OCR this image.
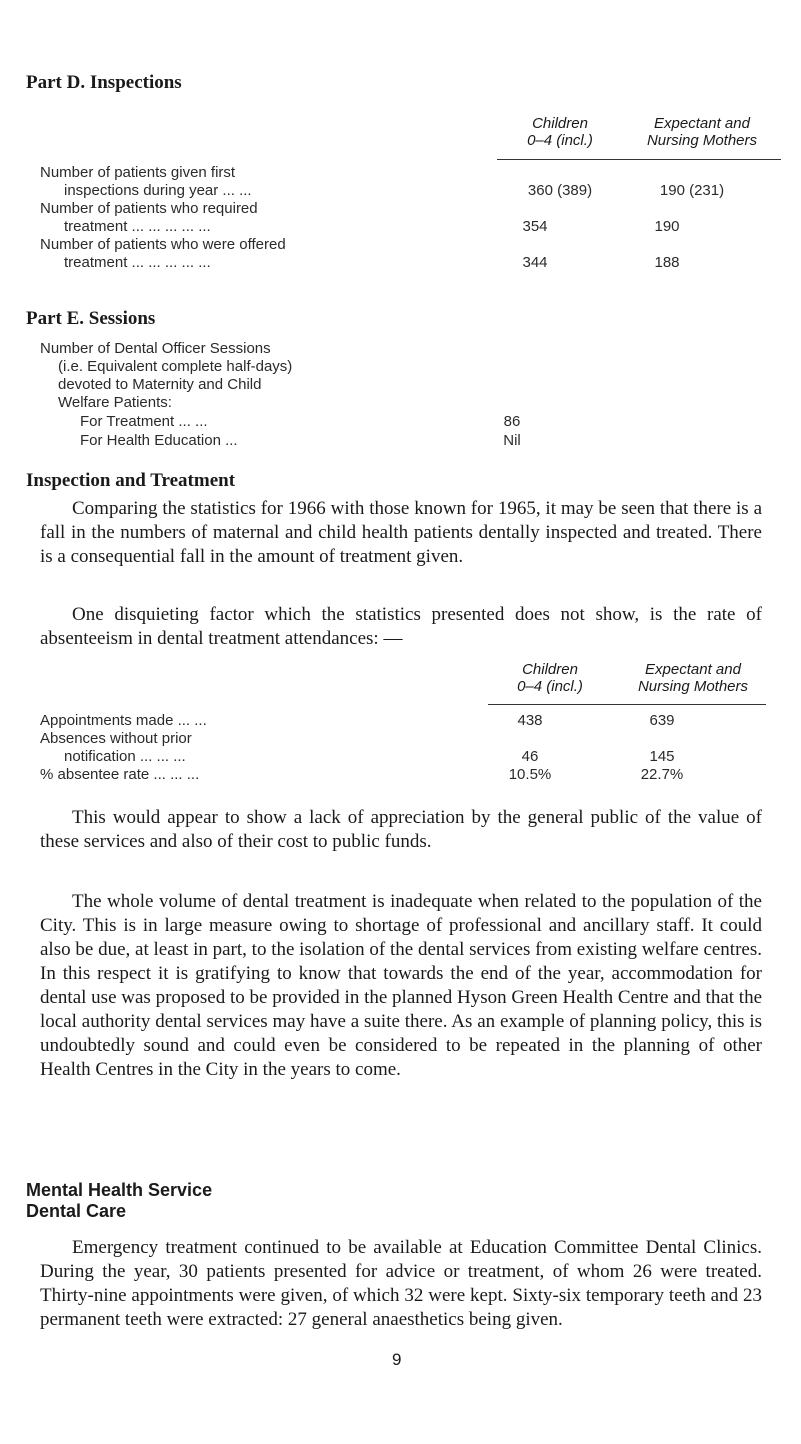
Part D. Inspections
Children
0–4 (incl.)
Expectant and
Nursing Mothers
Number of patients given first
inspections during year ... ...	360 (389)	190 (231)
Number of patients who required
treatment ... ... ... ... ...	354	190
Number of patients who were offered
treatment ... ... ... ... ...	344	188
Part E. Sessions
Number of Dental Officer Sessions
(i.e. Equivalent complete half-days)
devoted to Maternity and Child
Welfare Patients:
For Treatment ... ...	86
For Health Education ...	Nil
Inspection and Treatment

Comparing the statistics for 1966 with those known for 1965, it may be seen that there is a fall in the numbers of maternal and child health patients dentally inspected and treated. There is a consequential fall in the amount of treatment given.

One disquieting factor which the statistics presented does not show, is the rate of absenteeism in dental treatment attendances: —

Children
0–4 (incl.)
Expectant and
Nursing Mothers
Appointments made ... ...	438	639
Absences without prior
notification ... ... ...	46	145
% absentee rate ... ... ...	10.5%	22.7%

This would appear to show a lack of appreciation by the general public of the value of these services and also of their cost to public funds.

The whole volume of dental treatment is inadequate when related to the population of the City. This is in large measure owing to shortage of professional and ancillary staff. It could also be due, at least in part, to the isolation of the dental services from existing welfare centres. In this respect it is gratifying to know that towards the end of the year, accommodation for dental use was proposed to be provided in the planned Hyson Green Health Centre and that the local authority dental services may have a suite there. As an example of planning policy, this is undoubtedly sound and could even be considered to be repeated in the planning of other Health Centres in the City in the years to come.

Mental Health Service
Dental Care

Emergency treatment continued to be available at Education Committee Dental Clinics. During the year, 30 patients presented for advice or treatment, of whom 26 were treated. Thirty-nine appointments were given, of which 32 were kept. Sixty-six temporary teeth and 23 permanent teeth were extracted: 27 general anaesthetics being given.

9
